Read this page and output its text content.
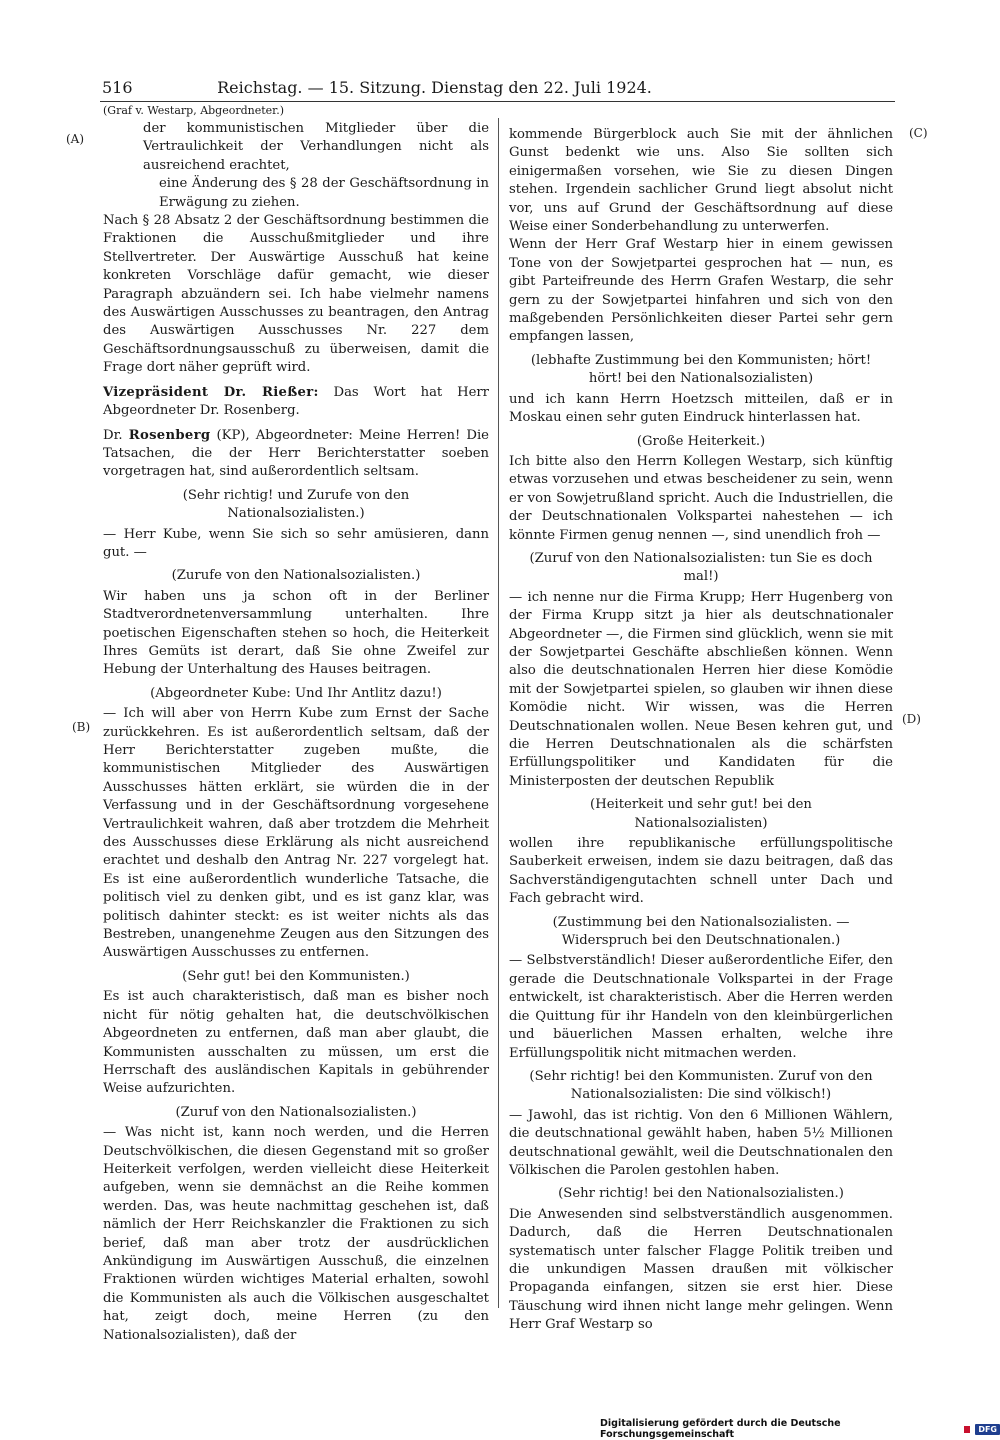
516	Reichstag. — 15. Sitzung. Dienstag den 22. Juli 1924.
(A)
(B)
(C)
(D)

(Graf v. Westarp, Abgeordneter.)

der kommunistischen Mitglieder über die Vertraulichkeit der Verhandlungen nicht als ausreichend erachtet,

eine Änderung des § 28 der Geschäftsordnung in Erwägung zu ziehen.

Nach § 28 Absatz 2 der Geschäftsordnung bestimmen die Fraktionen die Ausschußmitglieder und ihre Stellvertreter. Der Auswärtige Ausschuß hat keine konkreten Vorschläge dafür gemacht, wie dieser Paragraph abzuändern sei. Ich habe vielmehr namens des Auswärtigen Ausschusses zu beantragen, den Antrag des Auswärtigen Ausschusses Nr. 227 dem Geschäftsordnungsausschuß zu überweisen, damit die Frage dort näher geprüft wird.

Vizepräsident Dr. Rießer: Das Wort hat Herr Abgeordneter Dr. Rosenberg.

Dr. Rosenberg (KP), Abgeordneter: Meine Herren! Die Tatsachen, die der Herr Berichterstatter soeben vorgetragen hat, sind außerordentlich seltsam.

(Sehr richtig! und Zurufe von den Nationalsozialisten.)

— Herr Kube, wenn Sie sich so sehr amüsieren, dann gut. —

(Zurufe von den Nationalsozialisten.)

Wir haben uns ja schon oft in der Berliner Stadtverordnetenversammlung unterhalten. Ihre poetischen Eigenschaften stehen so hoch, die Heiterkeit Ihres Gemüts ist derart, daß Sie ohne Zweifel zur Hebung der Unterhaltung des Hauses beitragen.

(Abgeordneter Kube: Und Ihr Antlitz dazu!)

— Ich will aber von Herrn Kube zum Ernst der Sache zurückkehren. Es ist außerordentlich seltsam, daß der Herr Berichterstatter zugeben mußte, die kommunistischen Mitglieder des Auswärtigen Ausschusses hätten erklärt, sie würden die in der Verfassung und in der Geschäftsordnung vorgesehene Vertraulichkeit wahren, daß aber trotzdem die Mehrheit des Ausschusses diese Erklärung als nicht ausreichend erachtet und deshalb den Antrag Nr. 227 vorgelegt hat. Es ist eine außerordentlich wunderliche Tatsache, die politisch viel zu denken gibt, und es ist ganz klar, was politisch dahinter steckt: es ist weiter nichts als das Bestreben, unangenehme Zeugen aus den Sitzungen des Auswärtigen Ausschusses zu entfernen.

(Sehr gut! bei den Kommunisten.)

Es ist auch charakteristisch, daß man es bisher noch nicht für nötig gehalten hat, die deutschvölkischen Abgeordneten zu entfernen, daß man aber glaubt, die Kommunisten ausschalten zu müssen, um erst die Herrschaft des ausländischen Kapitals in gebührender Weise aufzurichten.

(Zuruf von den Nationalsozialisten.)

— Was nicht ist, kann noch werden, und die Herren Deutschvölkischen, die diesen Gegenstand mit so großer Heiterkeit verfolgen, werden vielleicht diese Heiterkeit aufgeben, wenn sie demnächst an die Reihe kommen werden. Das, was heute nachmittag geschehen ist, daß nämlich der Herr Reichskanzler die Fraktionen zu sich berief, daß man aber trotz der ausdrücklichen Ankündigung im Auswärtigen Ausschuß, die einzelnen Fraktionen würden wichtiges Material erhalten, sowohl die Kommunisten als auch die Völkischen ausgeschaltet hat, zeigt doch, meine Herren (zu den Nationalsozialisten), daß der

kommende Bürgerblock auch Sie mit der ähnlichen Gunst bedenkt wie uns. Also Sie sollten sich einigermaßen vorsehen, wie Sie zu diesen Dingen stehen. Irgendein sachlicher Grund liegt absolut nicht vor, uns auf Grund der Geschäftsordnung auf diese Weise einer Sonderbehandlung zu unterwerfen.

Wenn der Herr Graf Westarp hier in einem gewissen Tone von der Sowjetpartei gesprochen hat — nun, es gibt Parteifreunde des Herrn Grafen Westarp, die sehr gern zu der Sowjetpartei hinfahren und sich von den maßgebenden Persönlichkeiten dieser Partei sehr gern empfangen lassen,

(lebhafte Zustimmung bei den Kommunisten; hört! hört! bei den Nationalsozialisten)

und ich kann Herrn Hoetzsch mitteilen, daß er in Moskau einen sehr guten Eindruck hinterlassen hat.

(Große Heiterkeit.)

Ich bitte also den Herrn Kollegen Westarp, sich künftig etwas vorzusehen und etwas bescheidener zu sein, wenn er von Sowjetrußland spricht. Auch die Industriellen, die der Deutschnationalen Volkspartei nahestehen — ich könnte Firmen genug nennen —, sind unendlich froh —

(Zuruf von den Nationalsozialisten: tun Sie es doch mal!)

— ich nenne nur die Firma Krupp; Herr Hugenberg von der Firma Krupp sitzt ja hier als deutschnationaler Abgeordneter —, die Firmen sind glücklich, wenn sie mit der Sowjetpartei Geschäfte abschließen können. Wenn also die deutschnationalen Herren hier diese Komödie mit der Sowjetpartei spielen, so glauben wir ihnen diese Komödie nicht. Wir wissen, was die Herren Deutschnationalen wollen. Neue Besen kehren gut, und die Herren Deutschnationalen als die schärfsten Erfüllungspolitiker und Kandidaten für die Ministerposten der deutschen Republik

(Heiterkeit und sehr gut! bei den Nationalsozialisten)

wollen ihre republikanische erfüllungspolitische Sauberkeit erweisen, indem sie dazu beitragen, daß das Sachverständigengutachten schnell unter Dach und Fach gebracht wird.

(Zustimmung bei den Nationalsozialisten. — Widerspruch bei den Deutschnationalen.)

— Selbstverständlich! Dieser außerordentliche Eifer, den gerade die Deutschnationale Volkspartei in der Frage entwickelt, ist charakteristisch. Aber die Herren werden die Quittung für ihr Handeln von den kleinbürgerlichen und bäuerlichen Massen erhalten, welche ihre Erfüllungspolitik nicht mitmachen werden.

(Sehr richtig! bei den Kommunisten. Zuruf von den Nationalsozialisten: Die sind völkisch!)

— Jawohl, das ist richtig. Von den 6 Millionen Wählern, die deutschnational gewählt haben, haben 5½ Millionen deutschnational gewählt, weil die Deutschnationalen den Völkischen die Parolen gestohlen haben.

(Sehr richtig! bei den Nationalsozialisten.)

Die Anwesenden sind selbstverständlich ausgenommen. Dadurch, daß die Herren Deutschnationalen systematisch unter falscher Flagge Politik treiben und die unkundigen Massen draußen mit völkischer Propaganda einfangen, sitzen sie erst hier. Diese Täuschung wird ihnen nicht lange mehr gelingen. Wenn Herr Graf Westarp so

Digitalisierung gefördert durch die Deutsche Forschungsgemeinschaft	DFG
